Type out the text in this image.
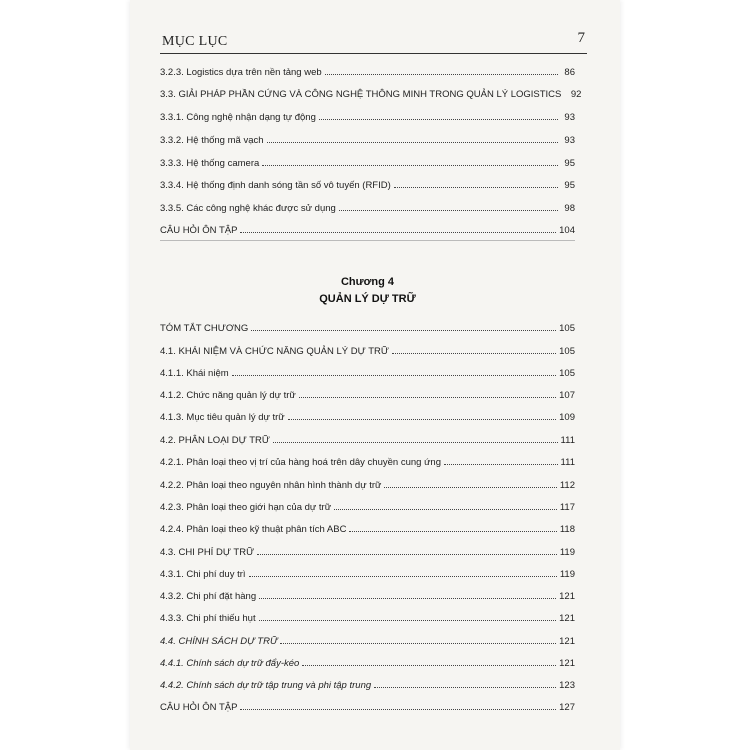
MỤC LỤC	7
3.2.3. Logistics dựa trên nền tảng web	86
3.3. GIẢI PHÁP PHẦN CỨNG VÀ CÔNG NGHỆ THÔNG MINH TRONG QUẢN LÝ LOGISTICS 92
3.3.1. Công nghệ nhận dạng tự động	93
3.3.2. Hệ thống mã vạch	93
3.3.3. Hệ thống camera	95
3.3.4. Hệ thống định danh sóng tần số vô tuyến (RFID)	95
3.3.5. Các công nghệ khác được sử dụng	98
CÂU HỎI ÔN TẬP	104
Chương 4
QUẢN LÝ DỰ TRỮ
TÓM TẮT CHƯƠNG	105
4.1. KHÁI NIỆM VÀ CHỨC NĂNG QUẢN LÝ DỰ TRỮ	105
4.1.1. Khái niệm	105
4.1.2. Chức năng quản lý dự trữ	107
4.1.3. Mục tiêu quản lý dự trữ	109
4.2. PHÂN LOẠI DỰ TRỮ	111
4.2.1. Phân loại theo vị trí của hàng hoá trên dây chuyền cung ứng	111
4.2.2. Phân loại theo nguyên nhân hình thành dự trữ	112
4.2.3. Phân loại theo giới hạn của dự trữ	117
4.2.4. Phân loại theo kỹ thuật phân tích ABC	118
4.3. CHI PHÍ DỰ TRỮ	119
4.3.1. Chi phí duy trì	119
4.3.2. Chi phí đặt hàng	121
4.3.3. Chi phí thiếu hụt	121
4.4. CHÍNH SÁCH DỰ TRỮ	121
4.4.1. Chính sách dự trữ đẩy-kéo	121
4.4.2. Chính sách dự trữ tập trung và phi tập trung	123
CÂU HỎI ÔN TẬP	127
